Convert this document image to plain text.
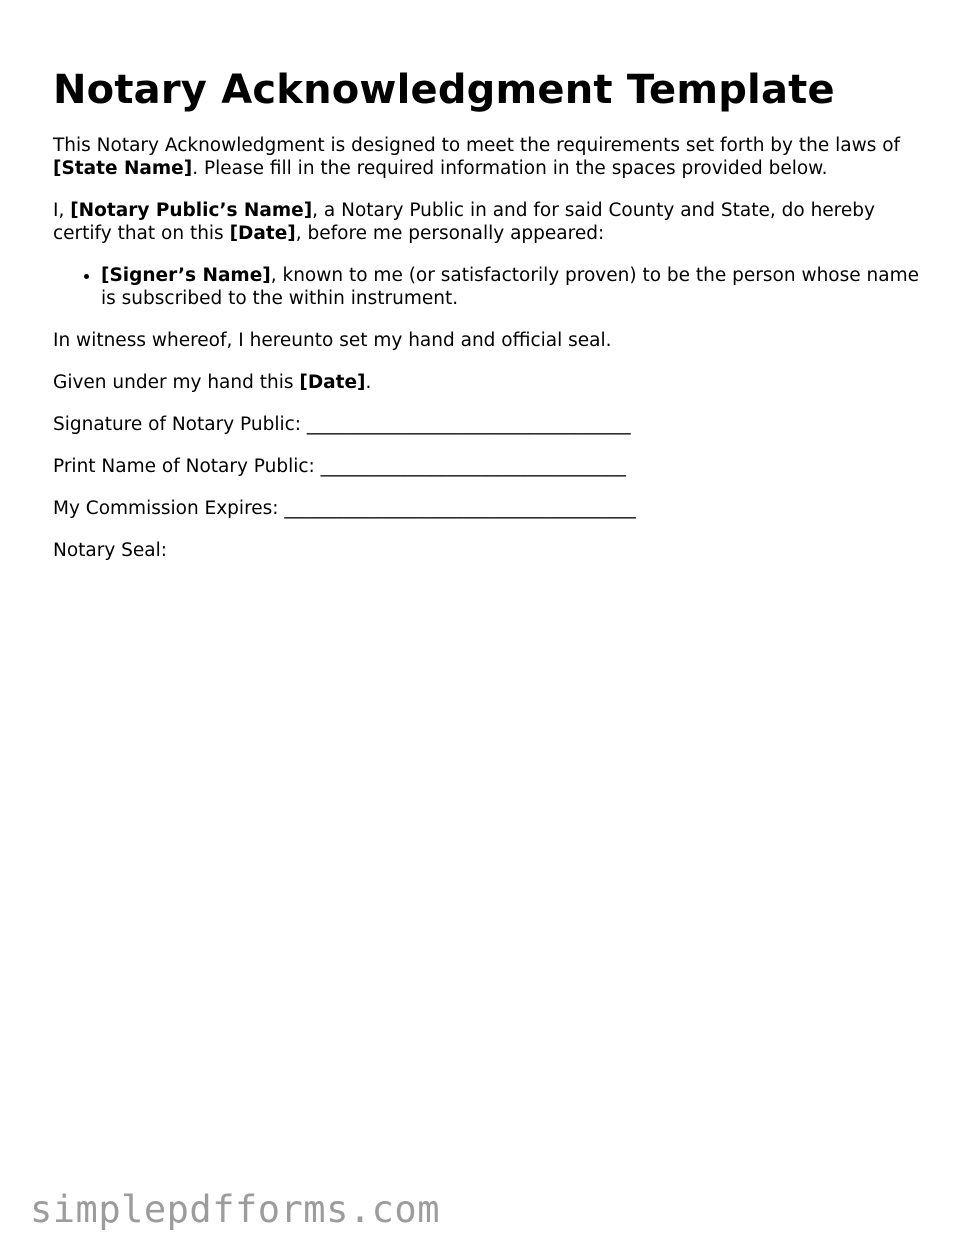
Notary Acknowledgment Template

This Notary Acknowledgment is designed to meet the requirements set forth by the laws of [State Name]. Please fill in the required information in the spaces provided below.

I, [Notary Public’s Name], a Notary Public in and for said County and State, do hereby certify that on this [Date], before me personally appeared:

• [Signer’s Name], known to me (or satisfactorily proven) to be the person whose name is subscribed to the within instrument.

In witness whereof, I hereunto set my hand and official seal.

Given under my hand this [Date].

Signature of Notary Public: ___________________________________

Print Name of Notary Public: _________________________________

My Commission Expires: ______________________________________

Notary Seal:

simplepdfforms.com
